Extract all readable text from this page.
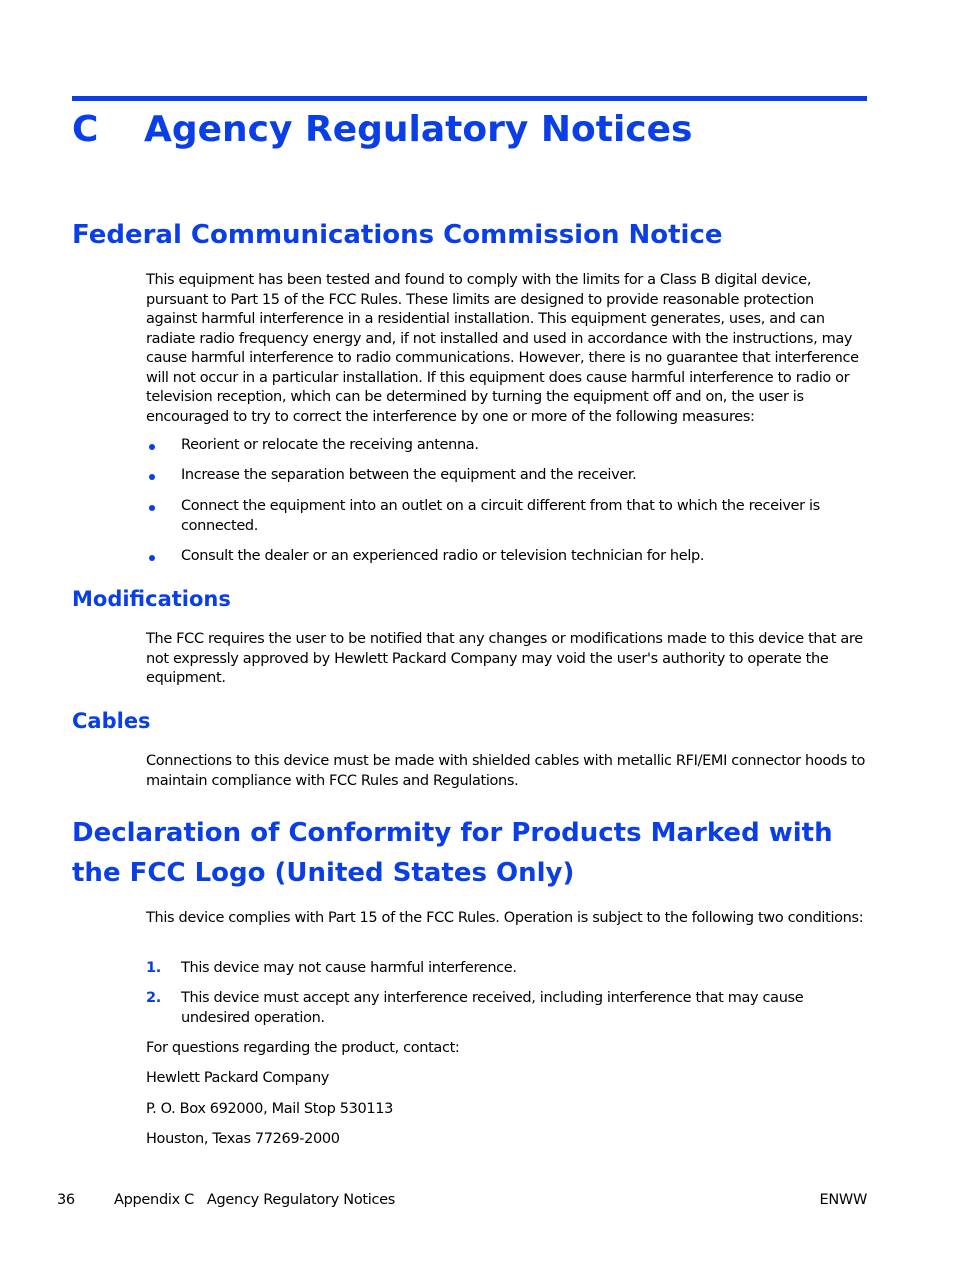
C Agency Regulatory Notices
Federal Communications Commission Notice

This equipment has been tested and found to comply with the limits for a Class B digital device, pursuant to Part 15 of the FCC Rules. These limits are designed to provide reasonable protection against harmful interference in a residential installation. This equipment generates, uses, and can radiate radio frequency energy and, if not installed and used in accordance with the instructions, may cause harmful interference to radio communications. However, there is no guarantee that interference will not occur in a particular installation. If this equipment does cause harmful interference to radio or television reception, which can be determined by turning the equipment off and on, the user is encouraged to try to correct the interference by one or more of the following measures:

Reorient or relocate the receiving antenna.
Increase the separation between the equipment and the receiver.
Connect the equipment into an outlet on a circuit different from that to which the receiver is connected.
Consult the dealer or an experienced radio or television technician for help.
Modifications

The FCC requires the user to be notified that any changes or modifications made to this device that are not expressly approved by Hewlett Packard Company may void the user's authority to operate the equipment.

Cables

Connections to this device must be made with shielded cables with metallic RFI/EMI connector hoods to maintain compliance with FCC Rules and Regulations.

Declaration of Conformity for Products Marked with
the FCC Logo (United States Only)

This device complies with Part 15 of the FCC Rules. Operation is subject to the following two conditions:

1. This device may not cause harmful interference.
2. This device must accept any interference received, including interference that may cause undesired operation.

For questions regarding the product, contact:

Hewlett Packard Company

P. O. Box 692000, Mail Stop 530113

Houston, Texas 77269-2000

36	Appendix C   Agency Regulatory Notices	ENWW
